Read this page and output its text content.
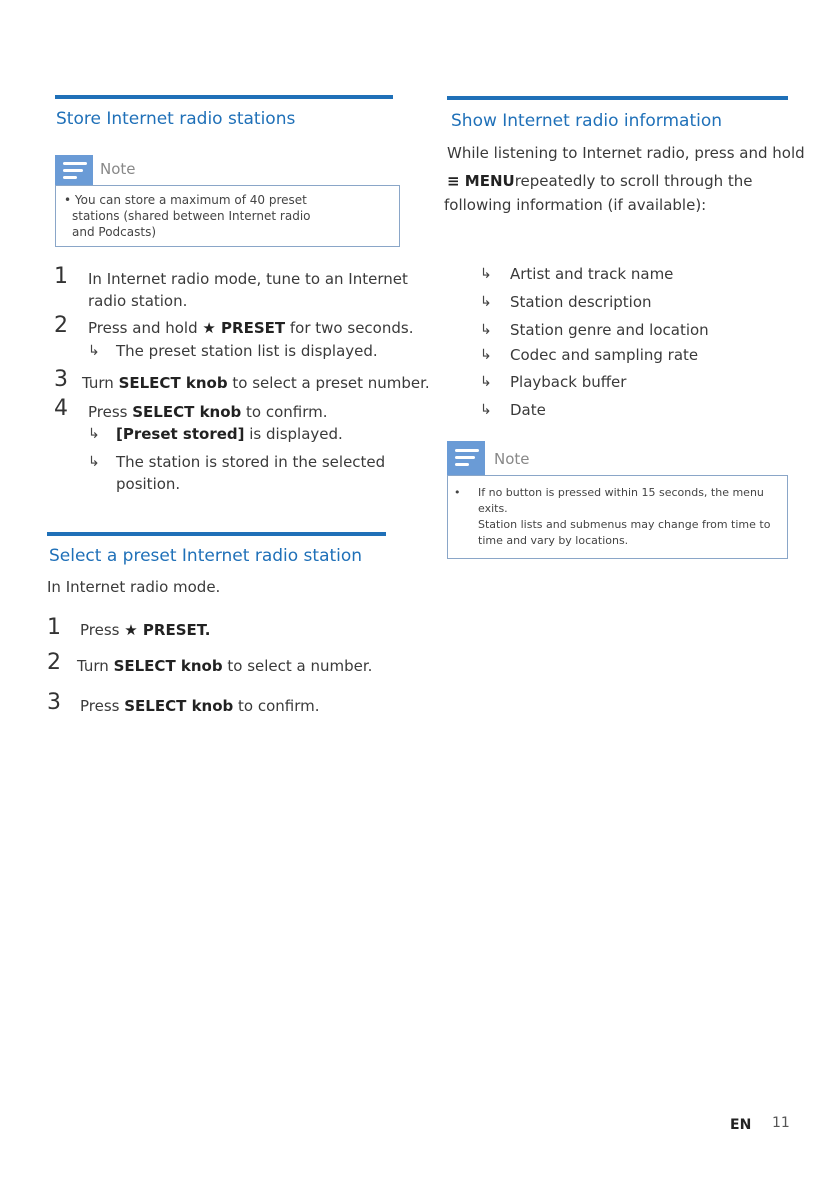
Store Internet radio stations
Note
• You can store a maximum of 40 preset
stations (shared between Internet radio
and Podcasts)
1 In Internet radio mode, tune to an Internet
radio station.
2 Press and hold ★ PRESET for two seconds.
↳ The preset station list is displayed.
3 Turn SELECT knob to select a preset number.
4 Press SELECT knob to confirm.
↳ [Preset stored] is displayed.
↳ The station is stored in the selected
position.
Select a preset Internet radio station
In Internet radio mode.
1 Press ★ PRESET.
2 Turn SELECT knob to select a number.
3 Press SELECT knob to confirm.
Show Internet radio information
While listening to Internet radio, press and hold
≡ MENUrepeatedly to scroll through the
following information (if available):
↳ Artist and track name
↳ Station description
↳ Station genre and location
↳ Codec and sampling rate
↳ Playback buffer
↳ Date
Note
• If no button is pressed within 15 seconds, the menu
exits.
Station lists and submenus may change from time to
time and vary by locations.
EN 11
